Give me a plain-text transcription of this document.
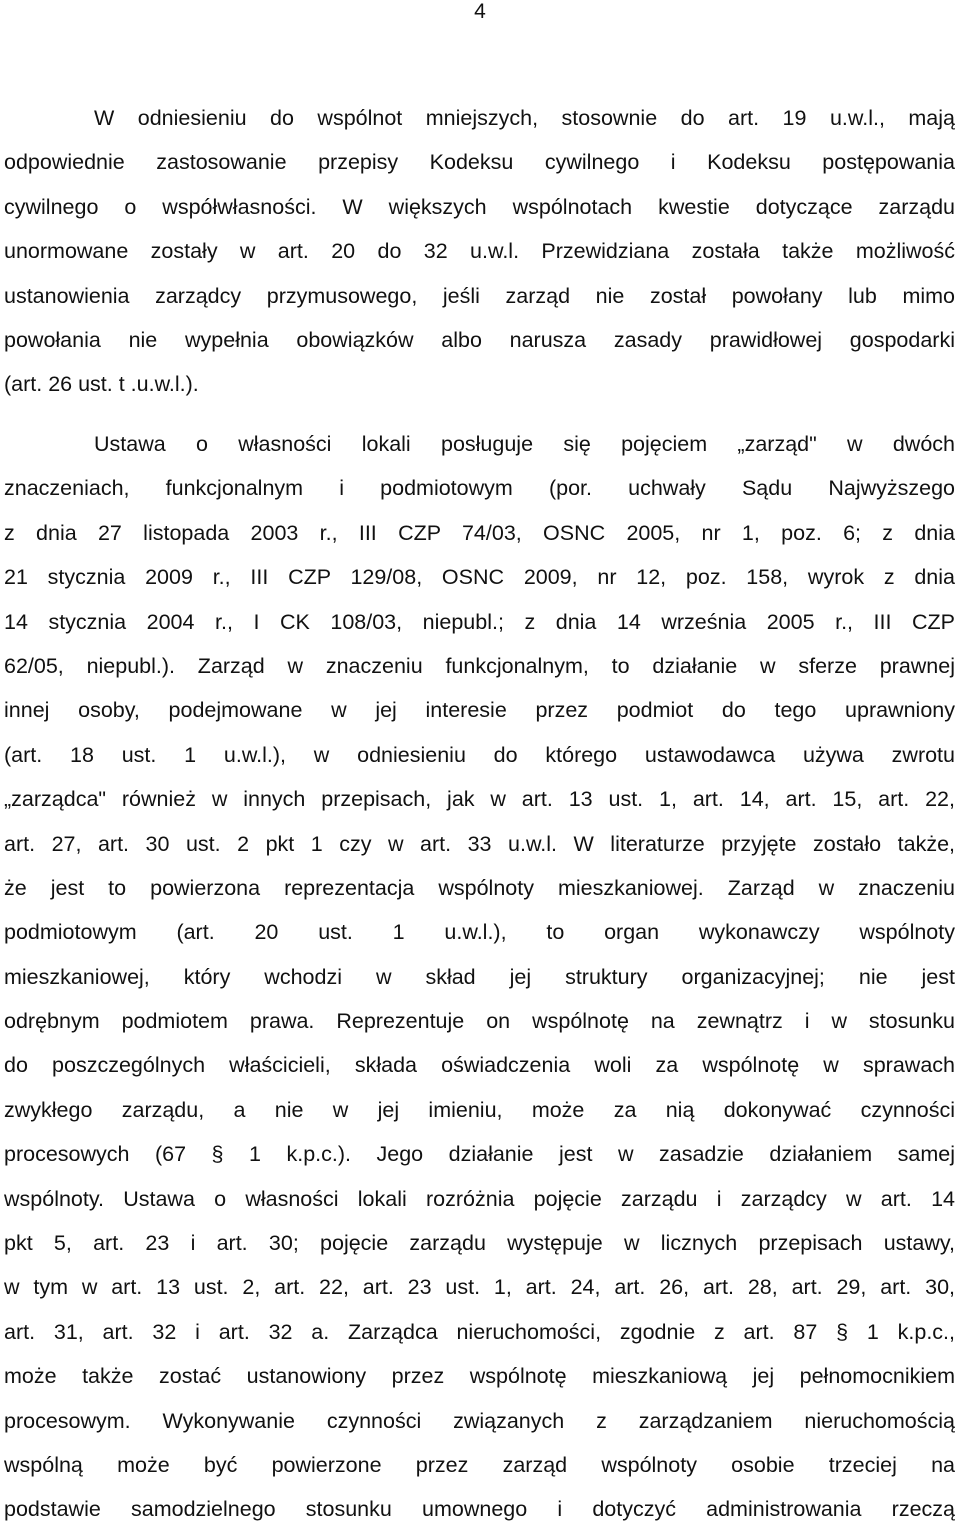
4
W odniesieniu do wspólnot mniejszych, stosownie do art. 19 u.w.l., mają
odpowiednie zastosowanie przepisy Kodeksu cywilnego i Kodeksu postępowania
cywilnego o współwłasności. W większych wspólnotach kwestie dotyczące zarządu
unormowane zostały w art. 20 do 32 u.w.l. Przewidziana została także możliwość
ustanowienia zarządcy przymusowego, jeśli zarząd nie został powołany lub mimo
powołania nie wypełnia obowiązków albo narusza zasady prawidłowej gospodarki
(art. 26 ust. t .u.w.l.).
Ustawa o własności lokali posługuje się pojęciem „zarząd" w dwóch
znaczeniach, funkcjonalnym i podmiotowym (por. uchwały Sądu Najwyższego
z dnia 27 listopada 2003 r., III CZP 74/03, OSNC 2005, nr 1, poz. 6; z dnia
21 stycznia 2009 r., III CZP 129/08, OSNC 2009, nr 12, poz. 158, wyrok z dnia
14 stycznia 2004 r., I CK 108/03, niepubl.; z dnia 14 września 2005 r., III CZP
62/05, niepubl.). Zarząd w znaczeniu funkcjonalnym, to działanie w sferze prawnej
innej osoby, podejmowane w jej interesie przez podmiot do tego uprawniony
(art. 18 ust. 1 u.w.l.), w odniesieniu do którego ustawodawca używa zwrotu
„zarządca" również w innych przepisach, jak w art. 13 ust. 1, art. 14, art. 15, art. 22,
art. 27, art. 30 ust. 2 pkt 1 czy w art. 33 u.w.l. W literaturze przyjęte zostało także,
że jest to powierzona reprezentacja wspólnoty mieszkaniowej. Zarząd w znaczeniu
podmiotowym (art. 20 ust. 1 u.w.l.), to organ wykonawczy wspólnoty
mieszkaniowej, który wchodzi w skład jej struktury organizacyjnej; nie jest
odrębnym podmiotem prawa. Reprezentuje on wspólnotę na zewnątrz i w stosunku
do poszczególnych właścicieli, składa oświadczenia woli za wspólnotę w sprawach
zwykłego zarządu, a nie w jej imieniu, może za nią dokonywać czynności
procesowych (67 § 1 k.p.c.). Jego działanie jest w zasadzie działaniem samej
wspólnoty. Ustawa o własności lokali rozróżnia pojęcie zarządu i zarządcy w art. 14
pkt 5, art. 23 i art. 30; pojęcie zarządu występuje w licznych przepisach ustawy,
w tym w art. 13 ust. 2, art. 22, art. 23 ust. 1, art. 24, art. 26, art. 28, art. 29, art. 30,
art. 31, art. 32 i art. 32 a. Zarządca nieruchomości, zgodnie z art. 87 § 1 k.p.c.,
może także zostać ustanowiony przez wspólnotę mieszkaniową jej pełnomocnikiem
procesowym. Wykonywanie czynności związanych z zarządzaniem nieruchomością
wspólną może być powierzone przez zarząd wspólnoty osobie trzeciej na
podstawie samodzielnego stosunku umownego i dotyczyć administrowania rzeczą
